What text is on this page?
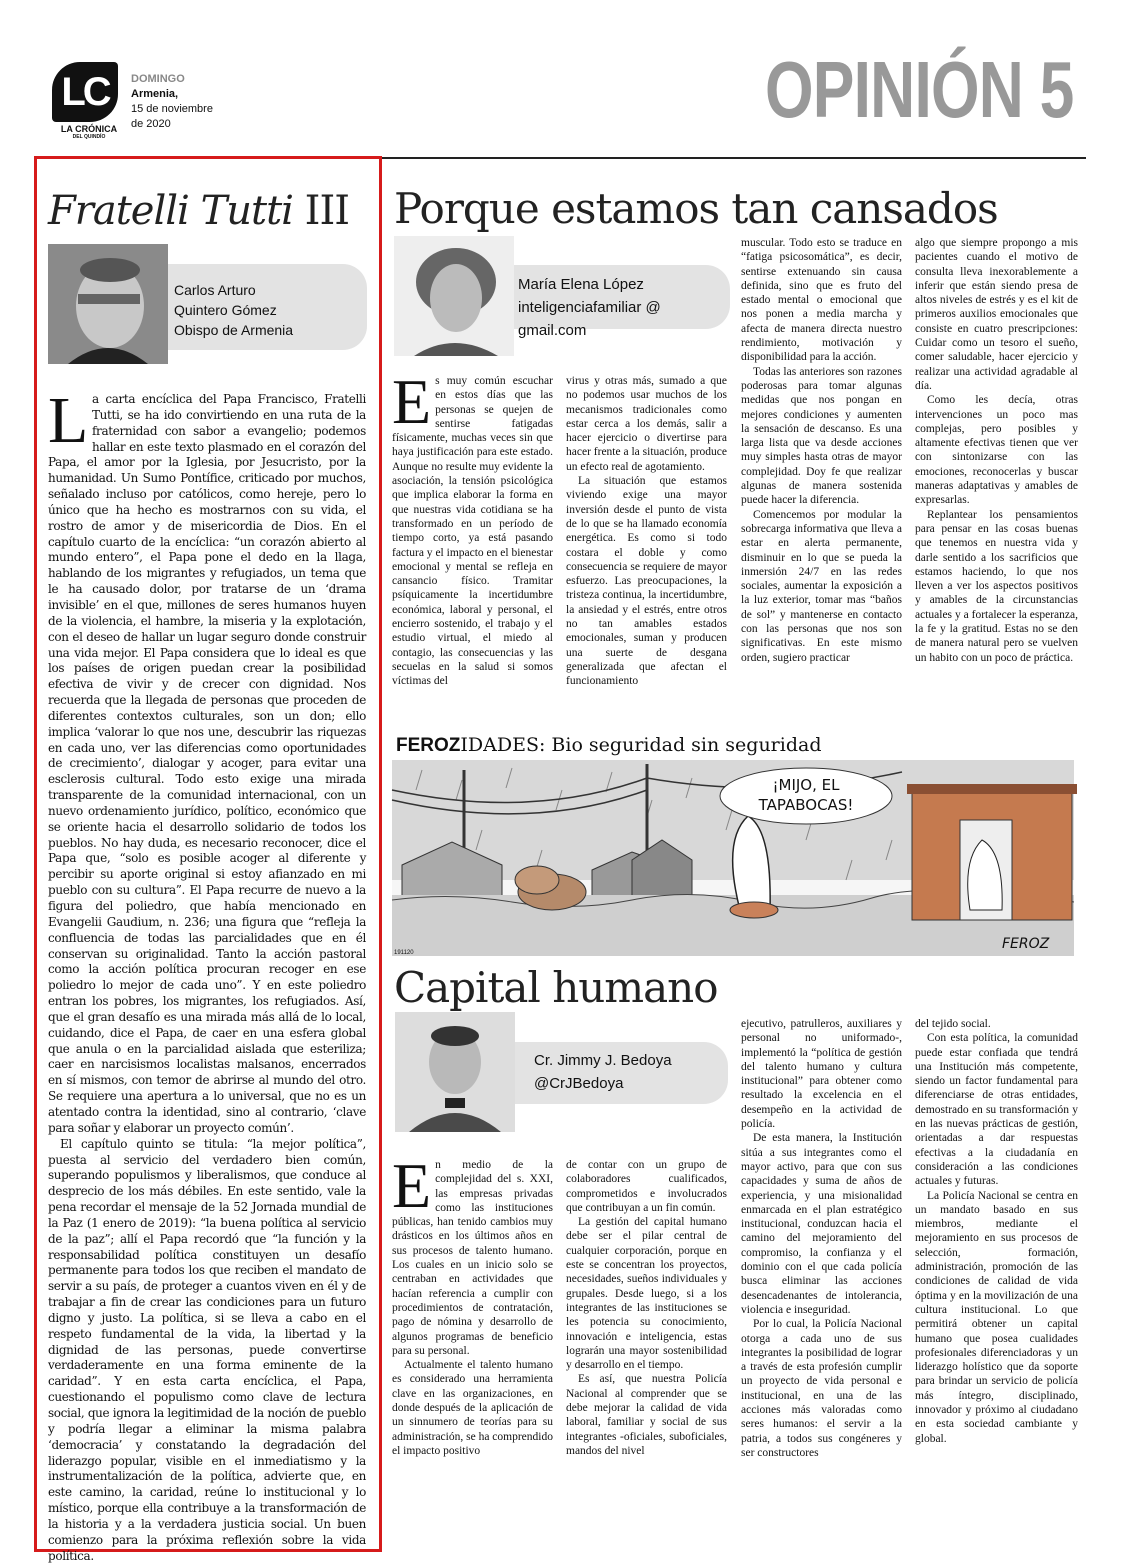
LC
LA CRÓNICA
DEL QUINDÍO
DOMINGO
Armenia,
15 de noviembre
de 2020	OPINIÓN 5
Fratelli Tutti III
Carlos Arturo
Quintero Gómez
Obispo de Armenia

La carta encíclica del Papa Francisco, Fratelli Tutti, se ha ido convirtiendo en una ruta de la fraternidad con sabor a evangelio; podemos hallar en este texto plasmado en el corazón del Papa, el amor por la Iglesia, por Jesucristo, por la humanidad. Un Sumo Pontífice, criticado por muchos, señalado incluso por católicos, como hereje, pero lo único que ha hecho es mostrarnos con su vida, el rostro de amor y de misericordia de Dios. En el capítulo cuarto de la encíclica: “un corazón abierto al mundo entero”, el Papa pone el dedo en la llaga, hablando de los migrantes y refugiados, un tema que le ha causado dolor, por tratarse de un ‘drama invisible’ en el que, millones de seres humanos huyen de la violencia, el hambre, la miseria y la explotación, con el deseo de hallar un lugar seguro donde construir una vida mejor. El Papa considera que lo ideal es que los países de origen puedan crear la posibilidad efectiva de vivir y de crecer con dignidad. Nos recuerda que la llegada de personas que proceden de diferentes contextos culturales, son un don; ello implica ‘valorar lo que nos une, descubrir las riquezas en cada uno, ver las diferencias como oportunidades de crecimiento’, dialogar y acoger, para evitar una esclerosis cultural. Todo esto exige una mirada transparente de la comunidad internacional, con un nuevo ordenamiento jurídico, político, económico que se oriente hacia el desarrollo solidario de todos los pueblos. No hay duda, es necesario reconocer, dice el Papa que, “solo es posible acoger al diferente y percibir su aporte original si estoy afianzado en mi pueblo con su cultura”. El Papa recurre de nuevo a la figura del poliedro, que había mencionado en Evangelii Gaudium, n. 236; una figura que “refleja la confluencia de todas las parcialidades que en él conservan su originalidad. Tanto la acción pastoral como la acción política procuran recoger en ese poliedro lo mejor de cada uno”. Y en este poliedro entran los pobres, los migrantes, los refugiados. Así, que el gran desafío es una mirada más allá de lo local, cuidando, dice el Papa, de caer en una esfera global que anula o en la parcialidad aislada que esteriliza; caer en narcisismos localistas malsanos, encerrados en sí mismos, con temor de abrirse al mundo del otro. Se requiere una apertura a lo universal, que no es un atentado contra la identidad, sino al contrario, ‘clave para soñar y elaborar un proyecto común’.

El capítulo quinto se titula: “la mejor política”, puesta al servicio del verdadero bien común, superando populismos y liberalismos, que conduce al desprecio de los más débiles. En este sentido, vale la pena recordar el mensaje de la 52 Jornada mundial de la Paz (1 enero de 2019): “la buena política al servicio de la paz”; allí el Papa recordó que “la función y la responsabilidad política constituyen un desafío permanente para todos los que reciben el mandato de servir a su país, de proteger a cuantos viven en él y de trabajar a fin de crear las condiciones para un futuro digno y justo. La política, si se lleva a cabo en el respeto fundamental de la vida, la libertad y la dignidad de las personas, puede convertirse verdaderamente en una forma eminente de la caridad”. Y en esta carta encíclica, el Papa, cuestionando el populismo como clave de lectura social, que ignora la legitimidad de la noción de pueblo y podría llegar a eliminar la misma palabra ‘democracia’ y constatando la degradación del liderazgo popular, visible en el inmediatismo y la instrumentalización de la política, advierte que, en este camino, la caridad, reúne lo institucional y lo místico, porque ella contribuye a la transformación de la historia y a la verdadera justicia social. Un buen comienzo para la próxima reflexión sobre la vida política.

Porque estamos tan cansados
María Elena López
inteligenciafamiliar @ gmail.com

Es muy común escuchar en estos días que las personas se quejen de sentirse fatigadas físicamente, muchas veces sin que haya justificación para este estado. Aunque no resulte muy evidente la asociación, la tensión psicológica que implica elaborar la forma en que nuestras vida cotidiana se ha transformado en un período de tiempo corto, ya está pasando factura y el impacto en el bienestar emocional y mental se refleja en cansancio físico. Tramitar psíquicamente la incertidumbre económica, laboral y personal, el encierro sostenido, el trabajo y el estudio virtual, el miedo al contagio, las consecuencias y las secuelas en la salud si somos víctimas del

virus y otras más, sumado a que no podemos usar muchos de los mecanismos tradicionales como estar cerca a los demás, salir a hacer ejercicio o divertirse para hacer frente a la situación, produce un efecto real de agotamiento.

La situación que estamos viviendo exige una mayor inversión desde el punto de vista de lo que se ha llamado economía energética. Es como si todo costara el doble y como consecuencia se requiere de mayor esfuerzo. Las preocupaciones, la tristeza continua, la incertidumbre, la ansiedad y el estrés, entre otros no tan amables estados emocionales, suman y producen una suerte de desgana generalizada que afectan el funcionamiento

muscular. Todo esto se traduce en “fatiga psicosomática”, es decir, sentirse extenuando sin causa definida, sino que es fruto del estado mental o emocional que nos ponen a media marcha y afecta de manera directa nuestro rendimiento, motivación y disponibilidad para la acción.

Todas las anteriores son razones poderosas para tomar algunas medidas que nos pongan en mejores condiciones y aumenten la sensación de descanso. Es una larga lista que va desde acciones muy simples hasta otras de mayor complejidad. Doy fe que realizar algunas de manera sostenida puede hacer la diferencia.

Comencemos por modular la sobrecarga informativa que lleva a estar en alerta permanente, disminuir en lo que se pueda la inmersión 24/7 en las redes sociales, aumentar la exposición a la luz exterior, tomar mas “baños de sol” y mantenerse en contacto con las personas que nos son significativas. En este mismo orden, sugiero practicar

algo que siempre propongo a mis pacientes cuando el motivo de consulta lleva inexorablemente a inferir que están siendo presa de altos niveles de estrés y es el kit de primeros auxilios emocionales que consiste en cuatro prescripciones: Cuidar como un tesoro el sueño, comer saludable, hacer ejercicio y realizar una actividad agradable al día.

Como les decía, otras intervenciones un poco mas complejas, pero posibles y altamente efectivas tienen que ver con sintonizarse con las emociones, reconocerlas y buscar maneras adaptativas y amables de expresarlas.

Replantear los pensamientos para pensar en las cosas buenas que tenemos en nuestra vida y darle sentido a los sacrificios que estamos haciendo, lo que nos lleven a ver los aspectos positivos y amables de la circunstancias actuales y a fortalecer la esperanza, la fe y la gratitud. Estas no se den de manera natural pero se vuelven un habito con un poco de práctica.

FEROZIDADES: Bio seguridad sin seguridad
¡MIJO, EL
TAPABOCAS!
FEROZ
191120
Capital humano
Cr. Jimmy J. Bedoya
@CrJBedoya

En medio de la complejidad del s. XXI, las empresas privadas como las instituciones públicas, han tenido cambios muy drásticos en los últimos años en sus procesos de talento humano. Los cuales en un inicio solo se centraban en actividades que hacían referencia a cumplir con procedimientos de contratación, pago de nómina y desarrollo de algunos programas de beneficio para su personal.

Actualmente el talento humano es considerado una herramienta clave en las organizaciones, en donde después de la aplicación de un sinnumero de teorías para su administración, se ha comprendido el impacto positivo

de contar con un grupo de colaboradores cualificados, comprometidos e involucrados que contribuyan a un fin común.

La gestión del capital humano debe ser el pilar central de cualquier corporación, porque en este se concentran los proyectos, necesidades, sueños individuales y grupales. Desde luego, si a los integrantes de las instituciones se les potencia su conocimiento, innovación e inteligencia, estas lograrán una mayor sostenibilidad y desarrollo en el tiempo.

Es así, que nuestra Policía Nacional al comprender que se debe mejorar la calidad de vida laboral, familiar y social de sus integrantes -oficiales, suboficiales, mandos del nivel

ejecutivo, patrulleros, auxiliares y personal no uniformado-, implementó la “política de gestión del talento humano y cultura institucional” para obtener como resultado la excelencia en el desempeño en la actividad de policía.

De esta manera, la Institución sitúa a sus integrantes como el mayor activo, para que con sus capacidades y suma de años de experiencia, y una misionalidad enmarcada en el plan estratégico institucional, conduzcan hacia el camino del mejoramiento del compromiso, la confianza y el dominio con el que cada policía busca eliminar las acciones desencadenantes de intolerancia, violencia e inseguridad.

Por lo cual, la Policía Nacional otorga a cada uno de sus integrantes la posibilidad de lograr a través de esta profesión cumplir un proyecto de vida personal e institucional, en una de las acciones más valoradas como seres humanos: el servir a la patria, a todos sus congéneres y ser constructores

del tejido social.

Con esta política, la comunidad puede estar confiada que tendrá una Institución más competente, siendo un factor fundamental para diferenciarse de otras entidades, demostrado en su transformación y en las nuevas prácticas de gestión, orientadas a dar respuestas efectivas a la ciudadanía en consideración a las condiciones actuales y futuras.

La Policía Nacional se centra en un mandato basado en sus miembros, mediante el mejoramiento en sus procesos de selección, formación, administración, promoción de las condiciones de calidad de vida óptima y en la movilización de una cultura institucional. Lo que permitirá obtener un capital humano que posea cualidades profesionales diferenciadoras y un liderazgo holístico que da soporte para brindar un servicio de policía más íntegro, disciplinado, innovador y próximo al ciudadano en esta sociedad cambiante y global.
